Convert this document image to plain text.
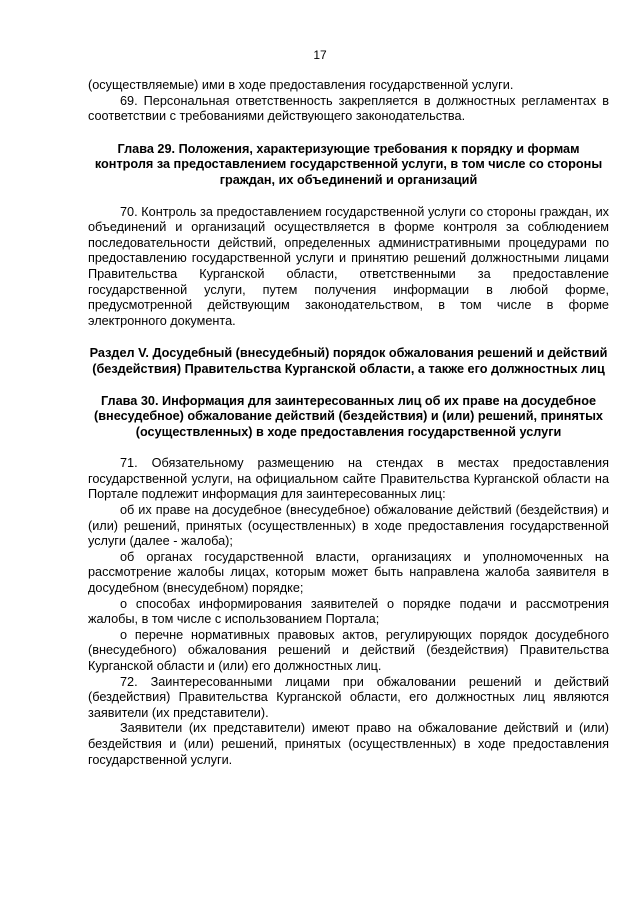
17

(осуществляемые) ими в ходе предоставления государственной услуги.

69. Персональная ответственность закрепляется в должностных регламентах в соответствии с требованиями действующего законодательства.

Глава 29. Положения, характеризующие требования к порядку и формам контроля за предоставлением государственной услуги, в том числе со стороны граждан, их объединений и организаций

70. Контроль за предоставлением государственной услуги со стороны граждан, их объединений и организаций осуществляется в форме контроля за соблюдением последовательности действий, определенных административными процедурами по предоставлению государственной услуги и принятию решений должностными лицами Правительства Курганской области, ответственными за предоставление государственной услуги, путем получения информации в любой форме, предусмотренной действующим законодательством, в том числе в форме электронного документа.

Раздел V. Досудебный (внесудебный) порядок обжалования решений и действий (бездействия) Правительства Курганской области, а также его должностных лиц
Глава 30. Информация для заинтересованных лиц об их праве на досудебное (внесудебное) обжалование действий (бездействия) и (или) решений, принятых (осуществленных) в ходе предоставления государственной услуги

71. Обязательному размещению на стендах в местах предоставления государственной услуги, на официальном сайте Правительства Курганской области на Портале подлежит информация для заинтересованных лиц:

об их праве на досудебное (внесудебное) обжалование действий (бездействия) и (или) решений, принятых (осуществленных) в ходе предоставления государственной услуги (далее - жалоба);

об органах государственной власти, организациях и уполномоченных на рассмотрение жалобы лицах, которым может быть направлена жалоба заявителя в досудебном (внесудебном) порядке;

о способах информирования заявителей о порядке подачи и рассмотрения жалобы, в том числе с использованием Портала;

о перечне нормативных правовых актов, регулирующих порядок досудебного (внесудебного) обжалования решений и действий (бездействия) Правительства Курганской области и (или) его должностных лиц.

72. Заинтересованными лицами при обжаловании решений и действий (бездействия) Правительства Курганской области, его должностных лиц являются заявители (их представители).

Заявители (их представители) имеют право на обжалование действий и (или) бездействия и (или) решений, принятых (осуществленных) в ходе предоставления государственной услуги.
